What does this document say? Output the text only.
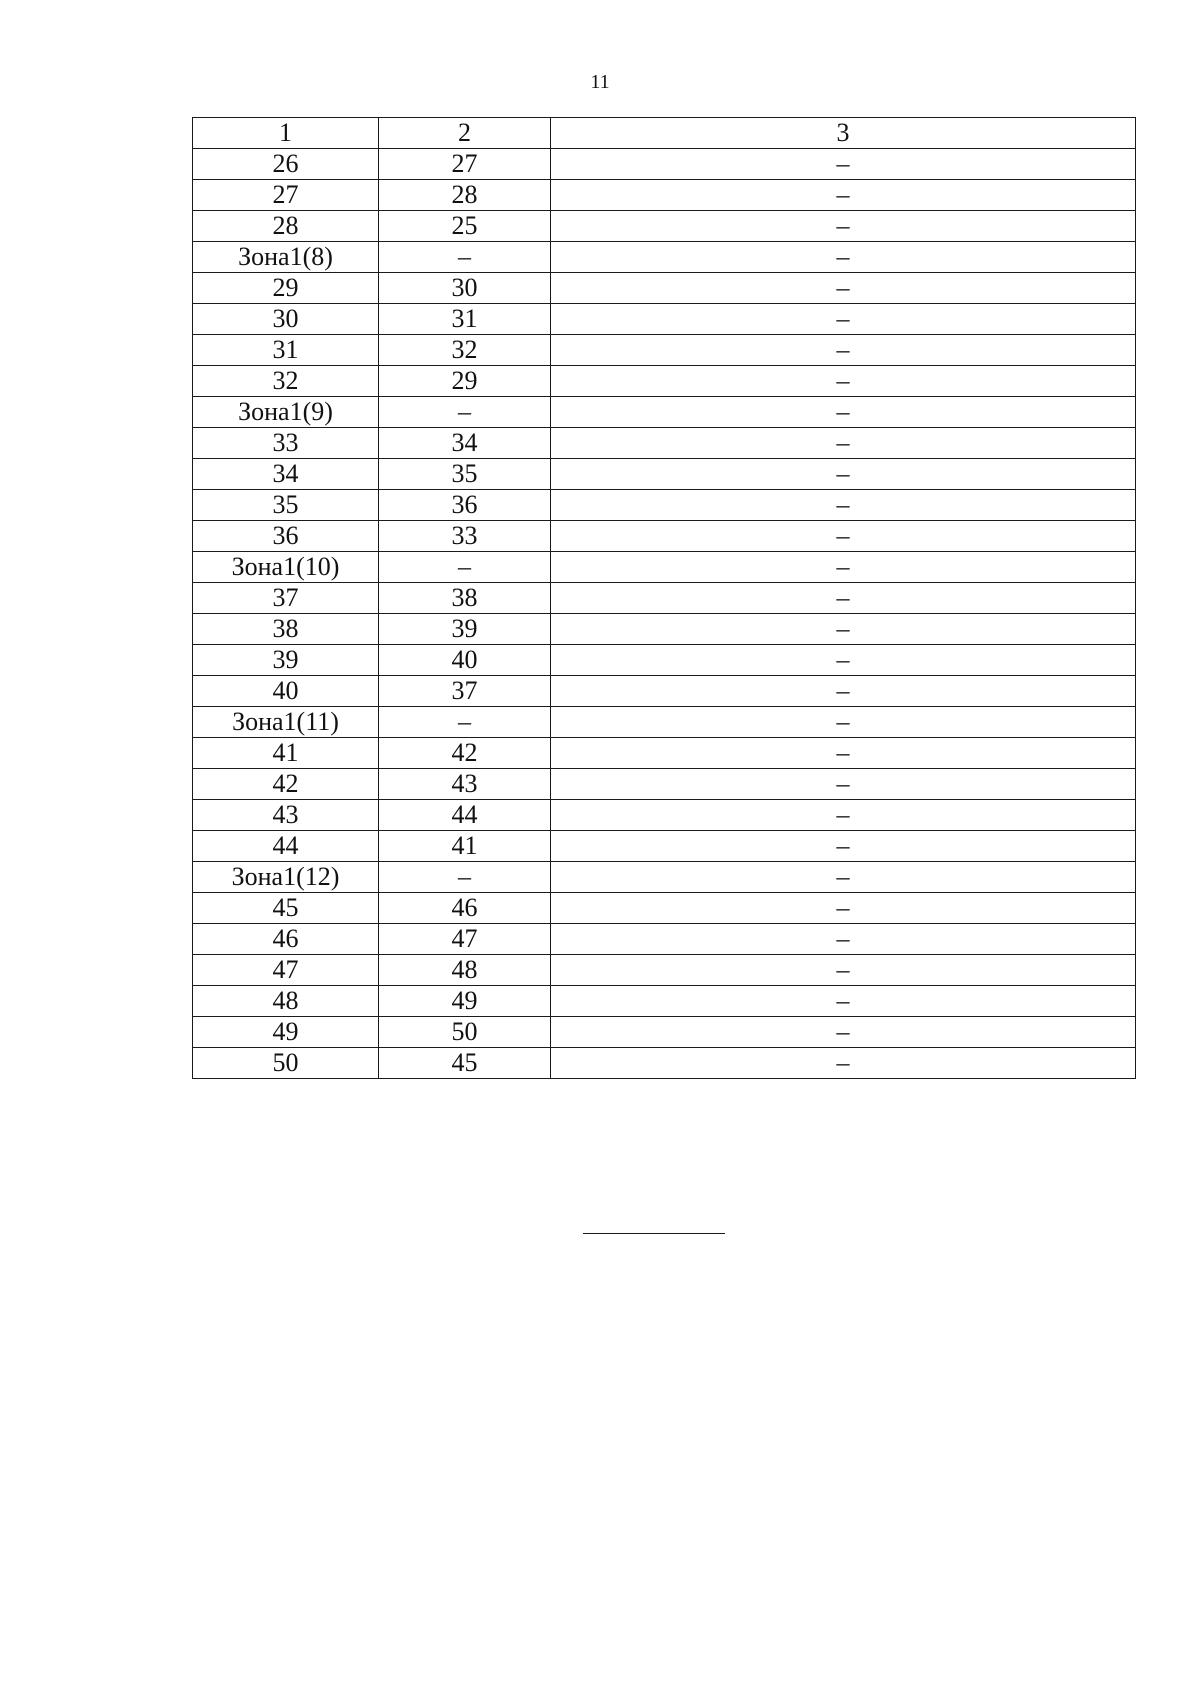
11
1	2	3
26	27	–
27	28	–
28	25	–
Зона1(8)	–	–
29	30	–
30	31	–
31	32	–
32	29	–
Зона1(9)	–	–
33	34	–
34	35	–
35	36	–
36	33	–
Зона1(10)	–	–
37	38	–
38	39	–
39	40	–
40	37	–
Зона1(11)	–	–
41	42	–
42	43	–
43	44	–
44	41	–
Зона1(12)	–	–
45	46	–
46	47	–
47	48	–
48	49	–
49	50	–
50	45	–
